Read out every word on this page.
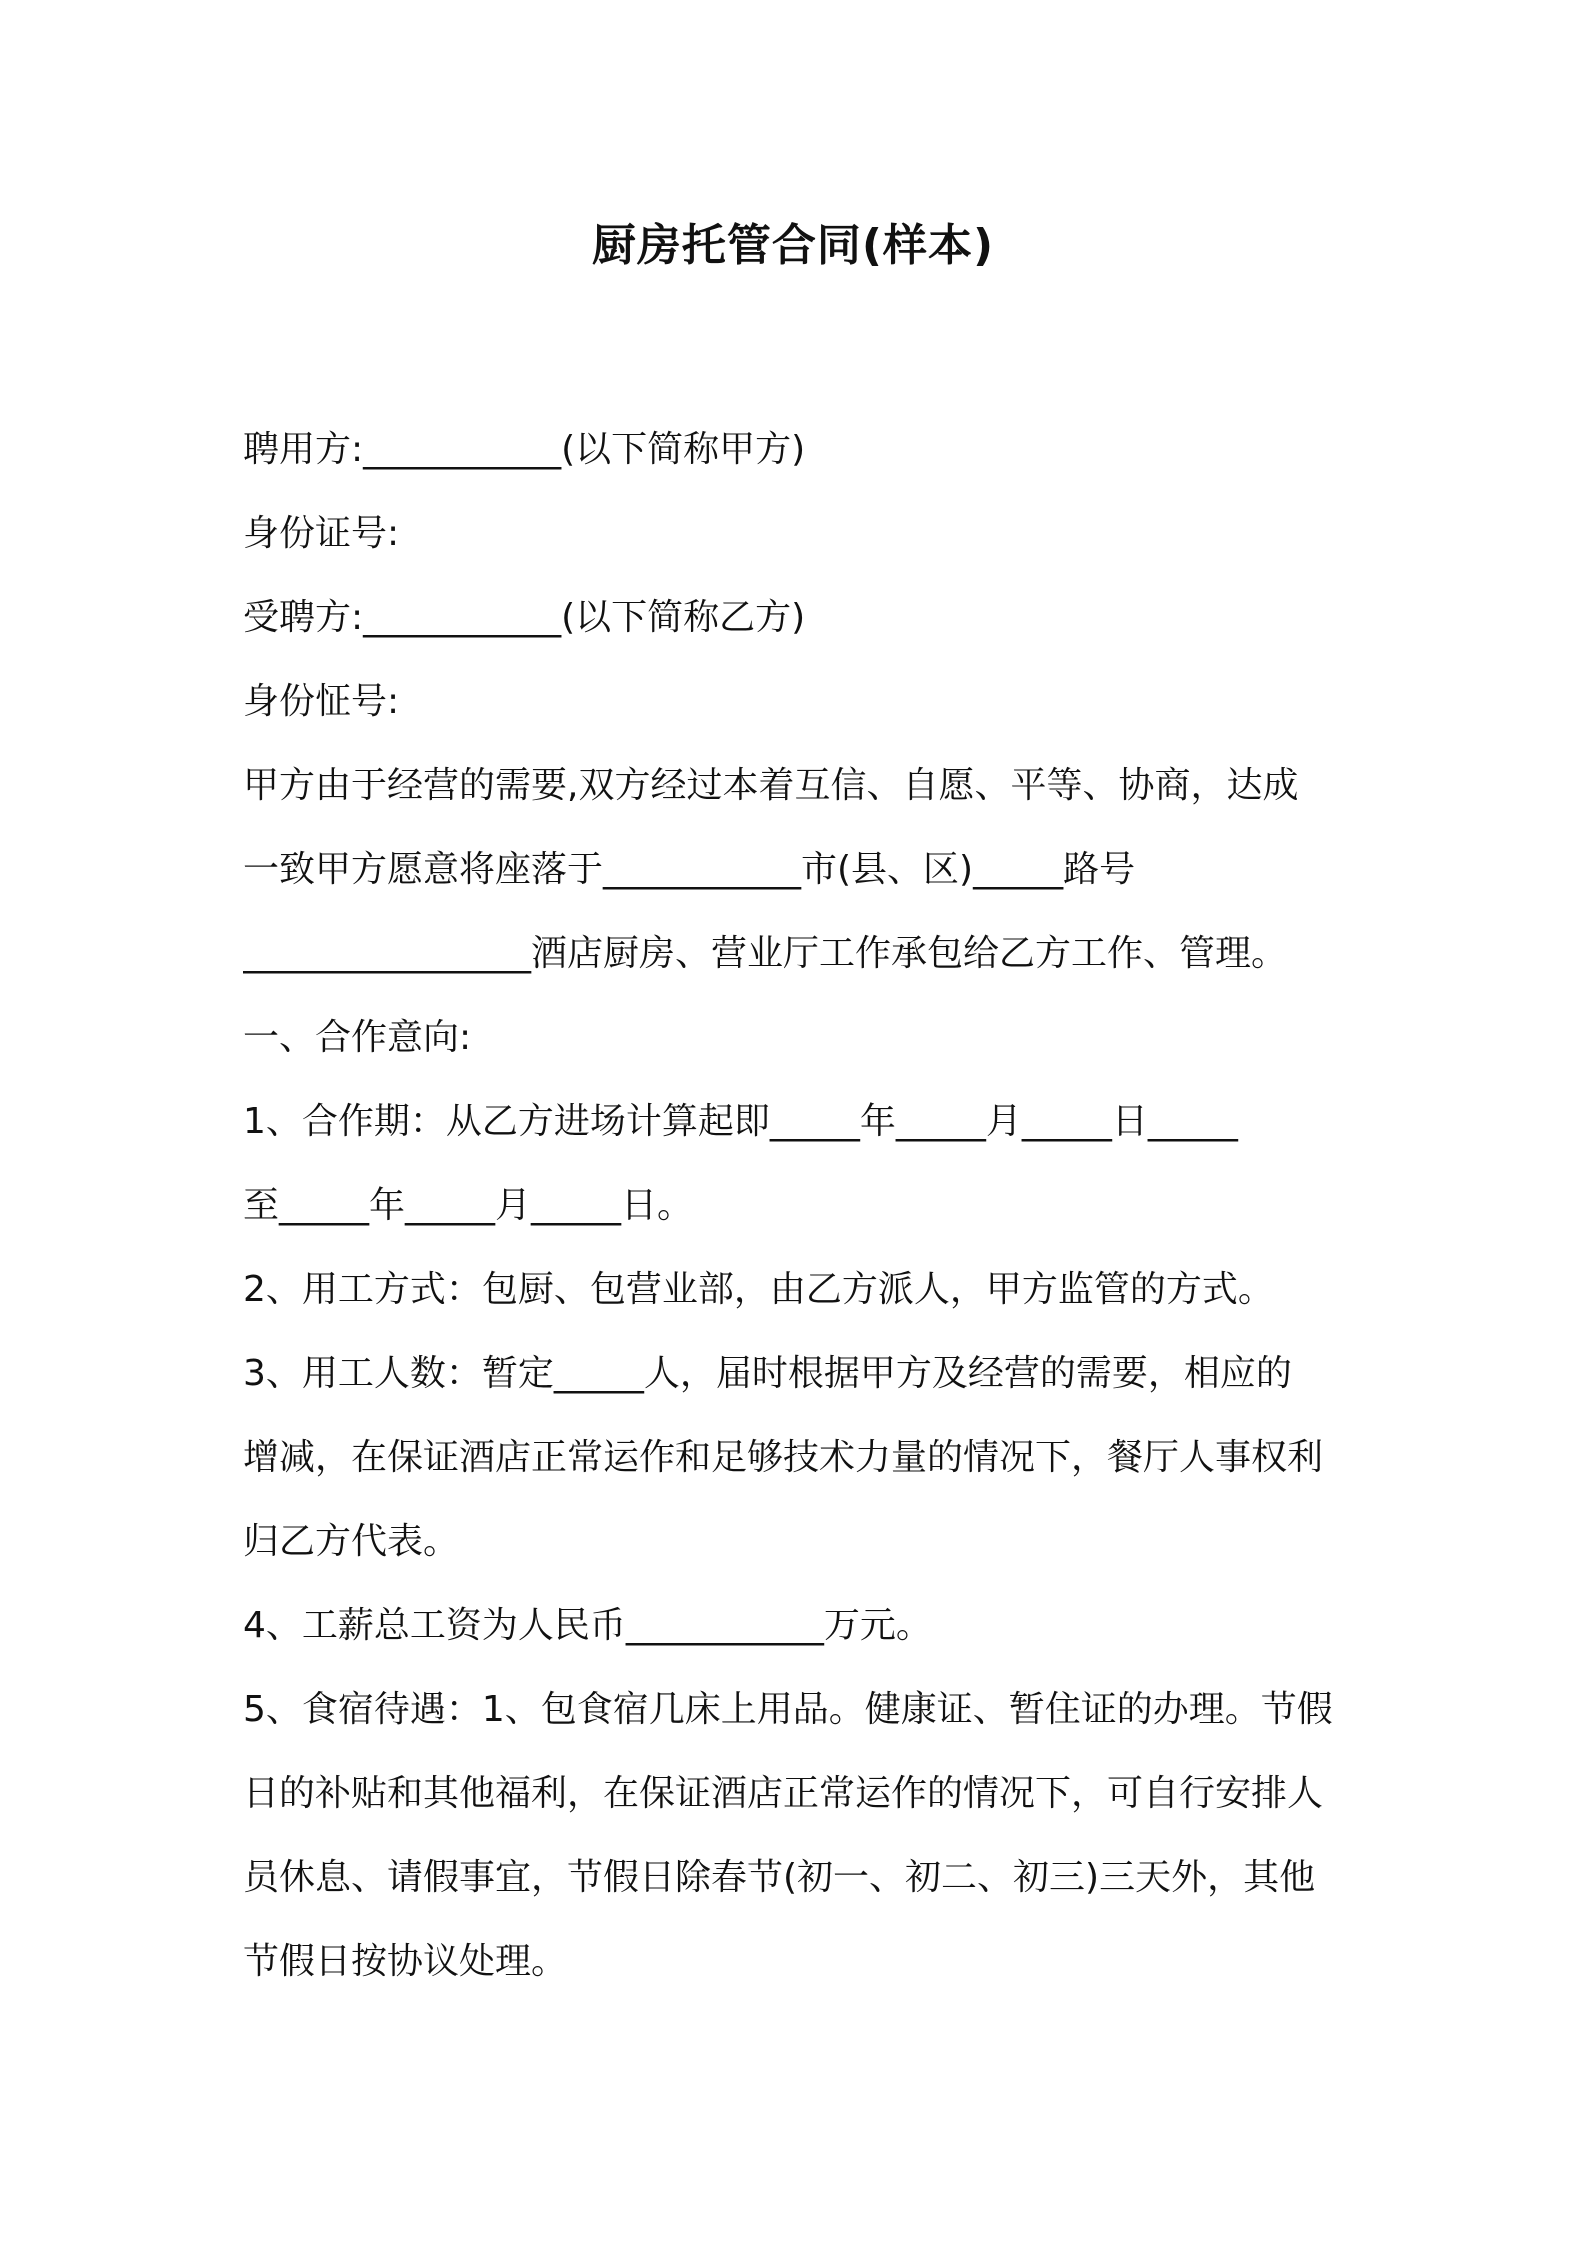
厨房托管合同(样本)
聘用方:___________(以下简称甲方)
身份证号:
受聘方:___________(以下简称乙方)
身份怔号:
甲方由于经营的需要,双方经过本着互信、自愿、平等、协商，达成
一致甲方愿意将座落于___________市(县、区)_____路号
________________酒店厨房、营业厅工作承包给乙方工作、管理。
一、合作意向:
1、合作期：从乙方进场计算起即_____年_____月_____日_____
至_____年_____月_____日。
2、用工方式：包厨、包营业部，由乙方派人，甲方监管的方式。
3、用工人数：暂定_____人，届时根据甲方及经营的需要，相应的
增减，在保证酒店正常运作和足够技术力量的情况下，餐厅人事权利
归乙方代表。
4、工薪总工资为人民币___________万元。
5、食宿待遇：1、包食宿几床上用品。健康证、暂住证的办理。节假
日的补贴和其他福利，在保证酒店正常运作的情况下，可自行安排人
员休息、请假事宜，节假日除春节(初一、初二、初三)三天外，其他
节假日按协议处理。
